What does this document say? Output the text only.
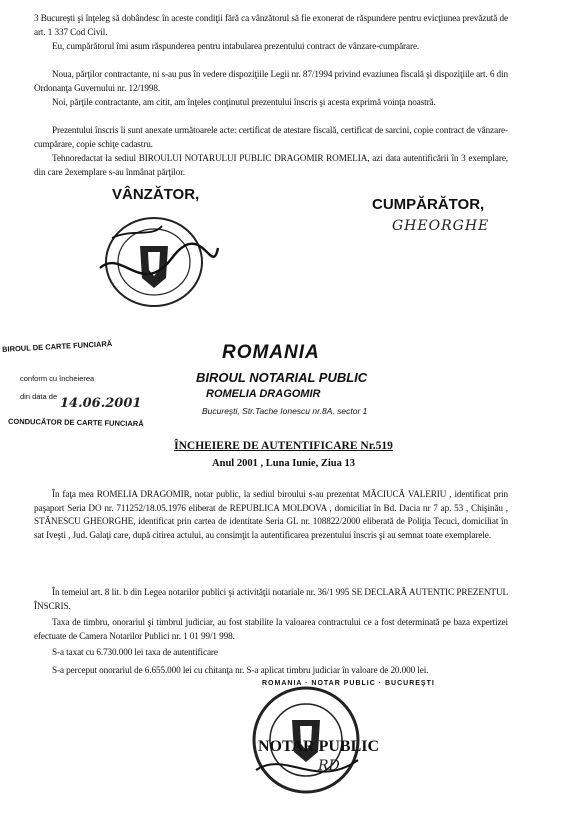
3 Bucureşti şi înţeleg să dobândesc în aceste condiţii fără ca vânzătorul să fie exonerat de răspundere pentru evicţiunea prevăzută de art. 1 337 Cod Civil.
Eu, cumpărătorul îmi asum răspunderea pentru intabularea prezentului contract de vânzare-cumpărare.
Noua, părţilor contractante, ni s-au pus în vedere dispoziţiile Legii nr. 87/1994 privind evaziunea fiscală şi dispoziţiile art. 6 din Ordonanţa Guvernului nr. 12/1998.
Noi, părţile contractante, am citit, am înţeles conţinutul prezentului înscris şi acesta exprimă voinţa noastră.
Prezentului înscris îi sunt anexate următoarele acte: certificat de atestare fiscală, certificat de sarcini, copie contract de vânzare-cumpărare, copie schiţe cadastru.
Tehnoredactat la sediul BIROULUI NOTARULUI PUBLIC DRAGOMIR ROMELIA, azi data autentificării în 3 exemplare, din care 2exemplare s-au înmânat părţilor.
VÂNZĂTOR,
CUMPĂRĂTOR,
GHEORGHE
BIROUL DE CARTE FUNCIARĂ
conform cu încheierea
din data de 14.06.2001
CONDUCĂTOR DE CARTE FUNCIARĂ
ROMANIA
BIROUL NOTARIAL PUBLIC
ROMELIA DRAGOMIR
Bucureşti, Str.Tache Ionescu nr.8A, sector 1
ÎNCHEIERE DE AUTENTIFICARE Nr.519
Anul 2001 , Luna Iunie, Ziua 13
În faţa mea ROMELIA DRAGOMIR, notar public, la sediul biroului s-au prezentat MĂCIUCĂ VALERIU , identificat prin paşaport Seria DO nr. 711252/18.05.1976 eliberat de REPUBLICA MOLDOVA , domiciliat în Bd. Dacia nr 7 ap. 53 , Chişinău , STĂNESCU GHEORGHE, identificat prin cartea de identitate Seria GL nr. 108822/2000 eliberată de Poliţia Tecuci, domiciliat în sat Iveşti , Jud. Galaţi care, după citirea actului, au consimţit la autentificarea prezentului înscris şi au semnat toate exemplarele.
În temeiul art. 8 lit. b din Legea notarilor publici şi activităţii notariale nr. 36/1 995 SE DECLARĂ AUTENTIC PREZENTUL ÎNSCRIS.
Taxa de timbru, onorariul şi timbrul judiciar, au fost stabilite la valoarea contractului ce a fost determinată pe baza expertizei efectuate de Camera Notarilor Publici nr. 1 01 99/1 998.
S-a taxat cu 6.730.000 lei taxa de autentificare
S-a perceput onorariul de 6.655.000 lei cu chitanţa nr. S-a aplicat timbru judiciar în valoare de 20.000 lei.
ROMANIA · NOTAR PUBLIC · BUCUREŞTI
NOTAR PUBLIC
RD
